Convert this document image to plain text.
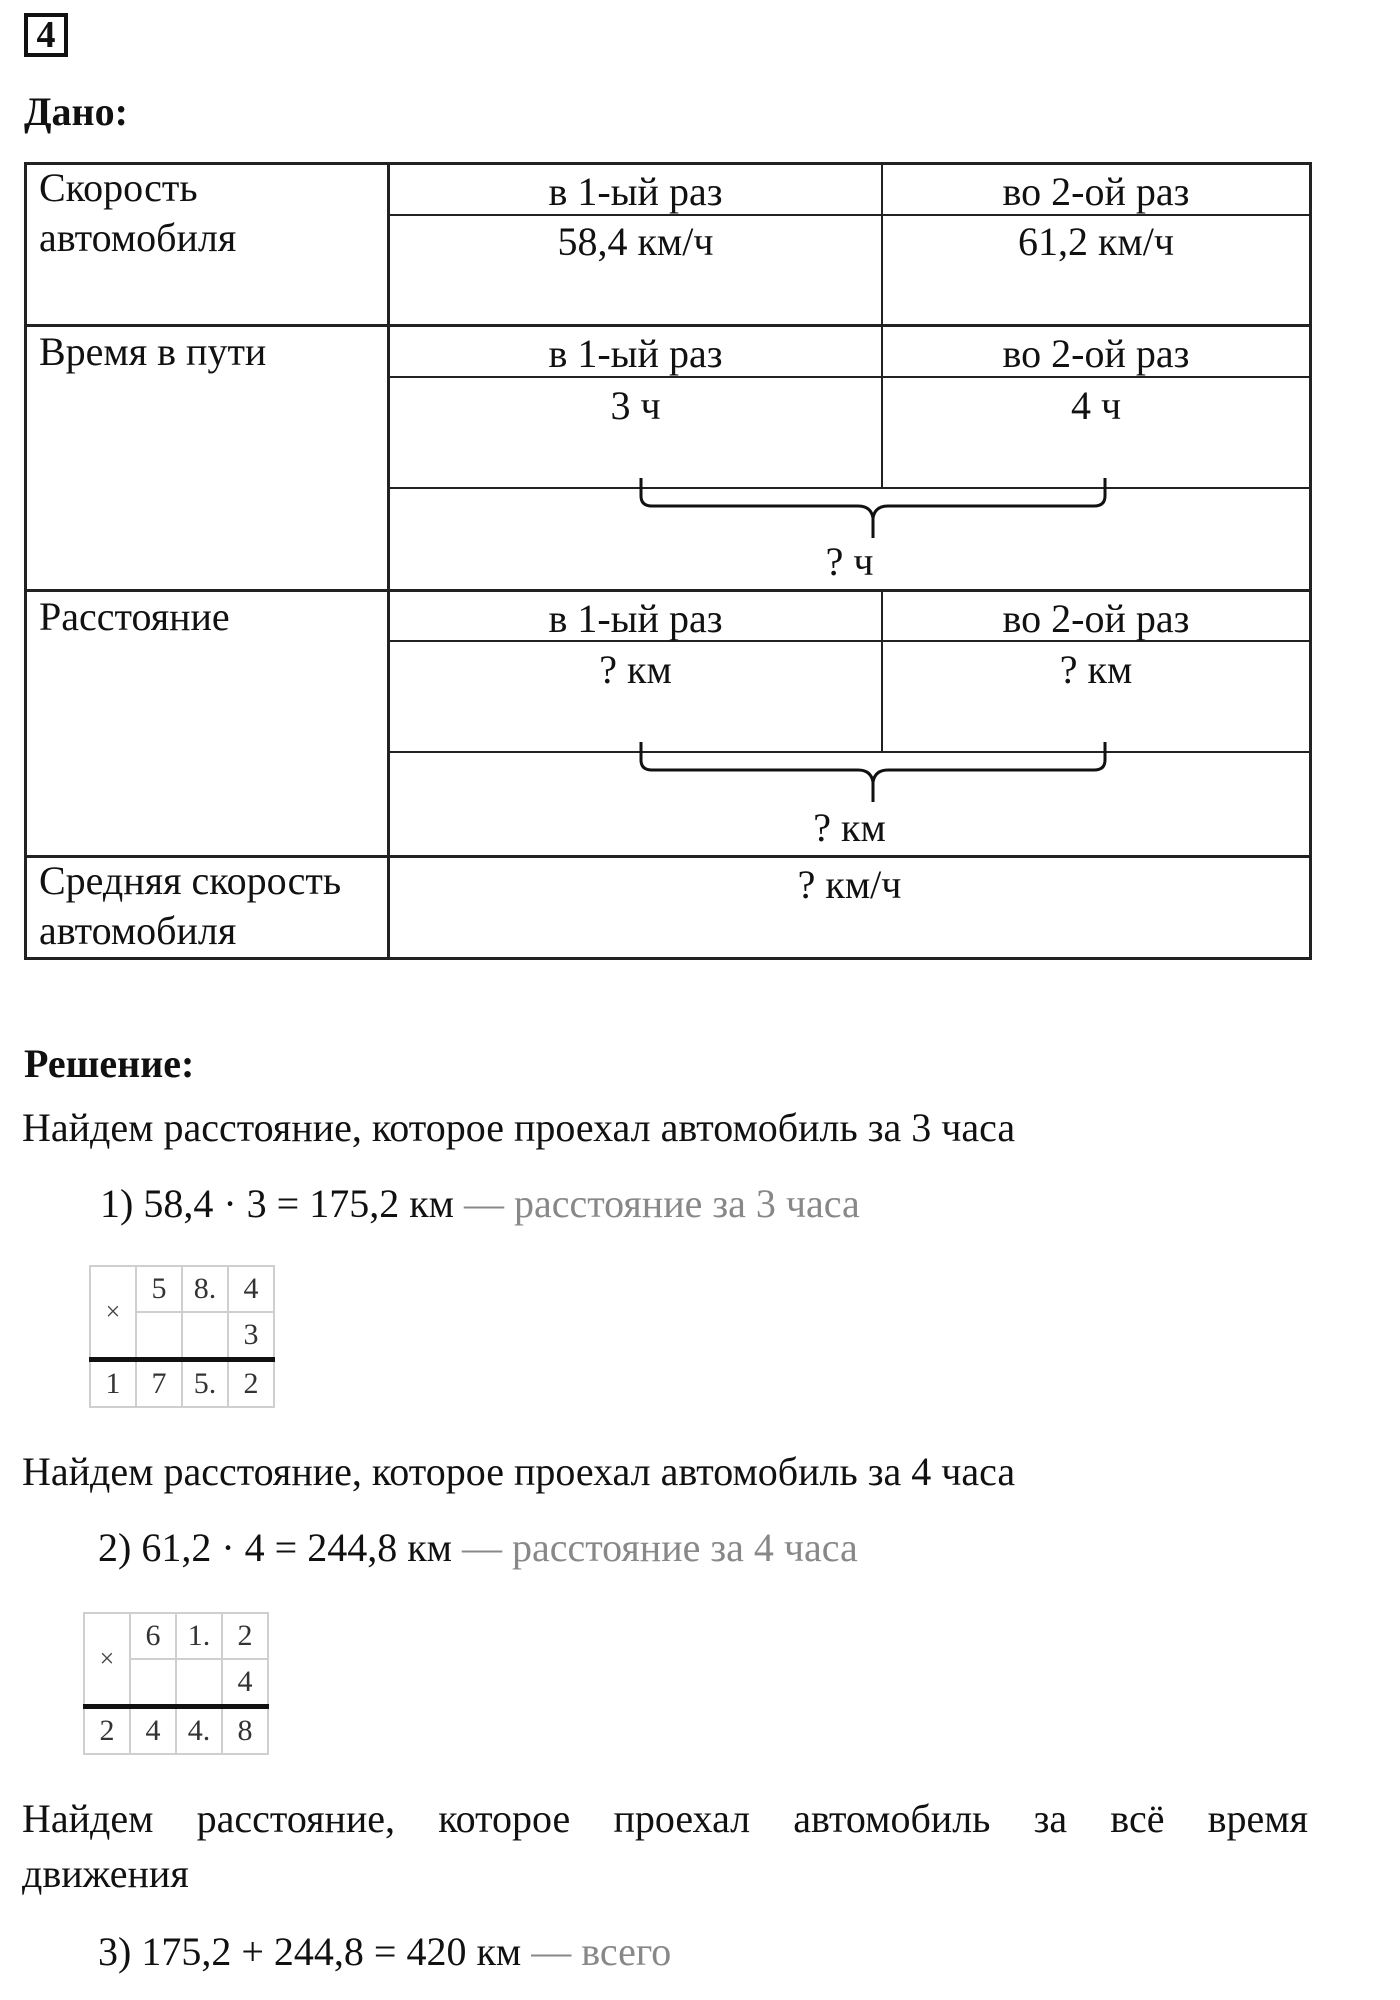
4
Дано:
Скорость
автомобиля
в 1-ый раз	во 2-ой раз
58,4 км/ч	61,2 км/ч
Время в пути	в 1-ый раз	во 2-ой раз
3 ч	4 ч
? ч
Расстояние	в 1-ый раз	во 2-ой раз
? км	? км
? км
Средняя скорость
автомобиля
? км/ч
Решение:
Найдем расстояние, которое проехал автомобиль за 3 часа
1) 58,4 · 3 = 175,2 км — расстояние за 3 часа
×	5	8.	4
			3
1	7	5.	2
Найдем расстояние, которое проехал автомобиль за 4 часа
2) 61,2 · 4 = 244,8 км — расстояние за 4 часа
×	6	1.	2
			4
2	4	4.	8
Найдем расстояние, которое проехал автомобиль за всё время
движения
3) 175,2 + 244,8 = 420 км — всего
